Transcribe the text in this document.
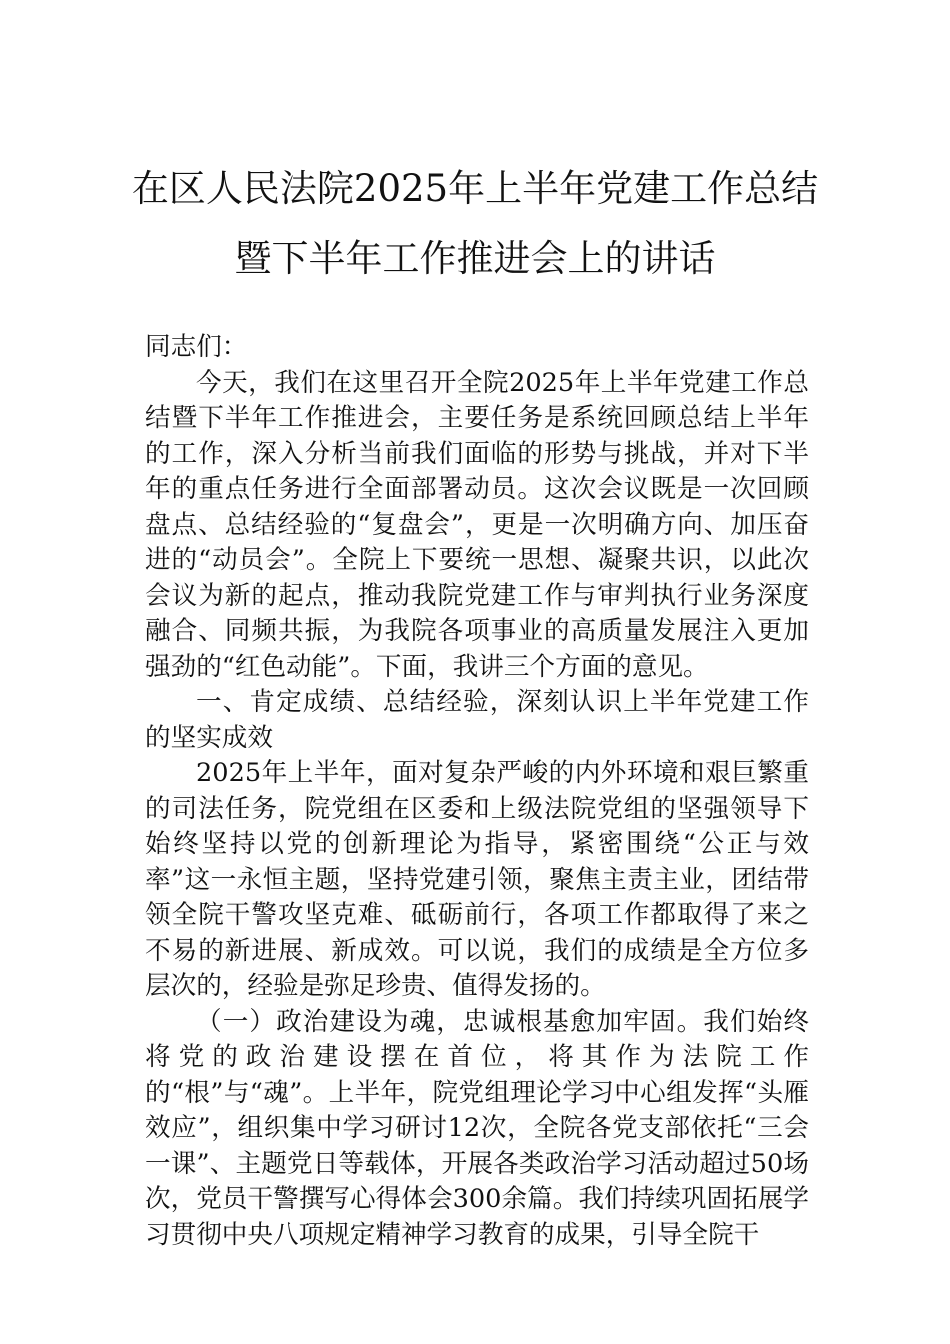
在区人民法院2025年上半年党建工作总结
暨下半年工作推进会上的讲话

同志们：

今天，我们在这里召开全院2025年上半年党建工作总结暨下半年工作推进会，主要任务是系统回顾总结上半年的工作，深入分析当前我们面临的形势与挑战，并对下半年的重点任务进行全面部署动员。这次会议既是一次回顾盘点、总结经验的“复盘会”，更是一次明确方向、加压奋进的“动员会”。全院上下要统一思想、凝聚共识，以此次会议为新的起点，推动我院党建工作与审判执行业务深度融合、同频共振，为我院各项事业的高质量发展注入更加强劲的“红色动能”。下面，我讲三个方面的意见。

一、肯定成绩、总结经验，深刻认识上半年党建工作的坚实成效

2025年上半年，面对复杂严峻的内外环境和艰巨繁重的司法任务，院党组在区委和上级法院党组的坚强领导下始终坚持以党的创新理论为指导，紧密围绕“公正与效率”这一永恒主题，坚持党建引领，聚焦主责主业，团结带领全院干警攻坚克难、砥砺前行，各项工作都取得了来之不易的新进展、新成效。可以说，我们的成绩是全方位多层次的，经验是弥足珍贵、值得发扬的。

（一）政治建设为魂，忠诚根基愈加牢固。我们始终将党的政治建设摆在首位，将其作为法院工作的“根”与“魂”。上半年，院党组理论学习中心组发挥“头雁效应”，组织集中学习研讨12次，全院各党支部依托“三会一课”、主题党日等载体，开展各类政治学习活动超过50场次，党员干警撰写心得体会300余篇。我们持续巩固拓展学习贯彻中央八项规定精神学习教育的成果，引导全院干
